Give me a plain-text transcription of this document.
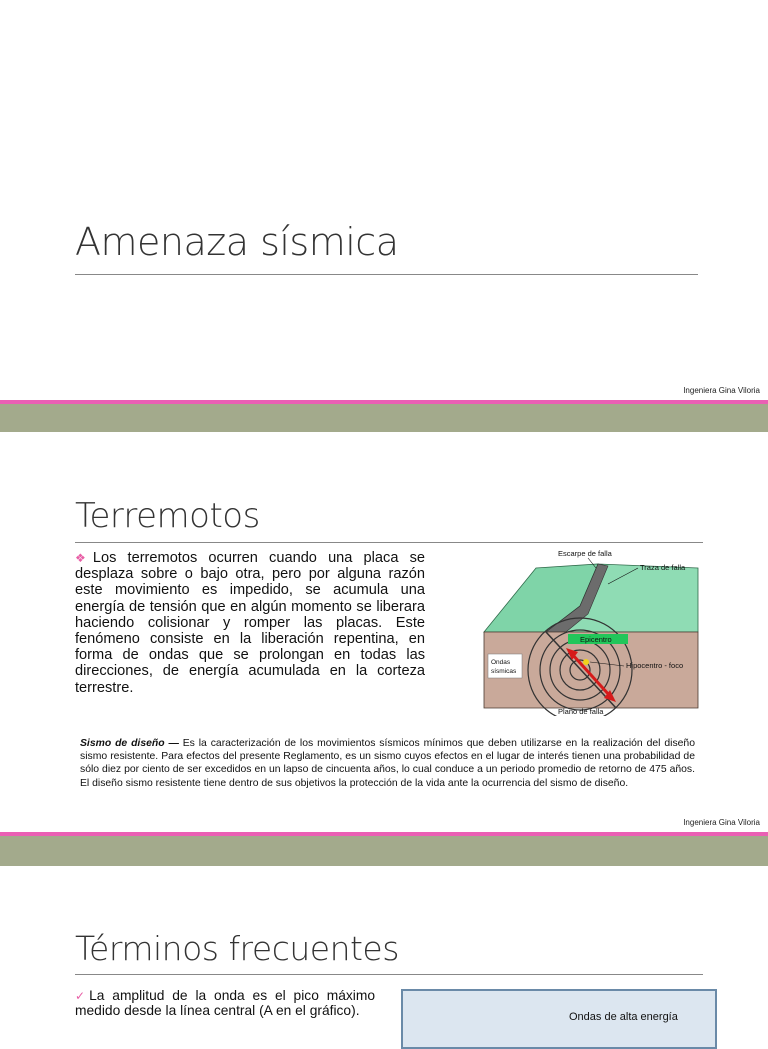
Amenaza sísmica
Ingeniera Gina Viloria
Terremotos
❖Los terremotos ocurren cuando una placa se desplaza sobre o bajo otra, pero por alguna razón este movimiento es impedido, se acumula una energía de tensión que en algún momento se liberara haciendo colisionar y romper las placas. Este fenómeno consiste en la liberación repentina, en forma de ondas que se prolongan en todas las direcciones, de energía acumulada en la corteza terrestre.
Epicentro
Escarpe de falla
Traza de falla
Hipocentro - foco
Ondas
sísmicas
Plano de falla
Sismo de diseño — Es la caracterización de los movimientos sísmicos mínimos que deben utilizarse en la realización del diseño sismo resistente. Para efectos del presente Reglamento, es un sismo cuyos efectos en el lugar de interés tienen una probabilidad de sólo diez por ciento de ser excedidos en un lapso de cincuenta años, lo cual conduce a un periodo promedio de retorno de 475 años. El diseño sismo resistente tiene dentro de sus objetivos la protección de la vida ante la ocurrencia del sismo de diseño.
Ingeniera Gina Viloria
Términos frecuentes
✓La amplitud de la onda es el pico máximo medido desde la línea central (A en el gráfico).	Ondas de alta energía
